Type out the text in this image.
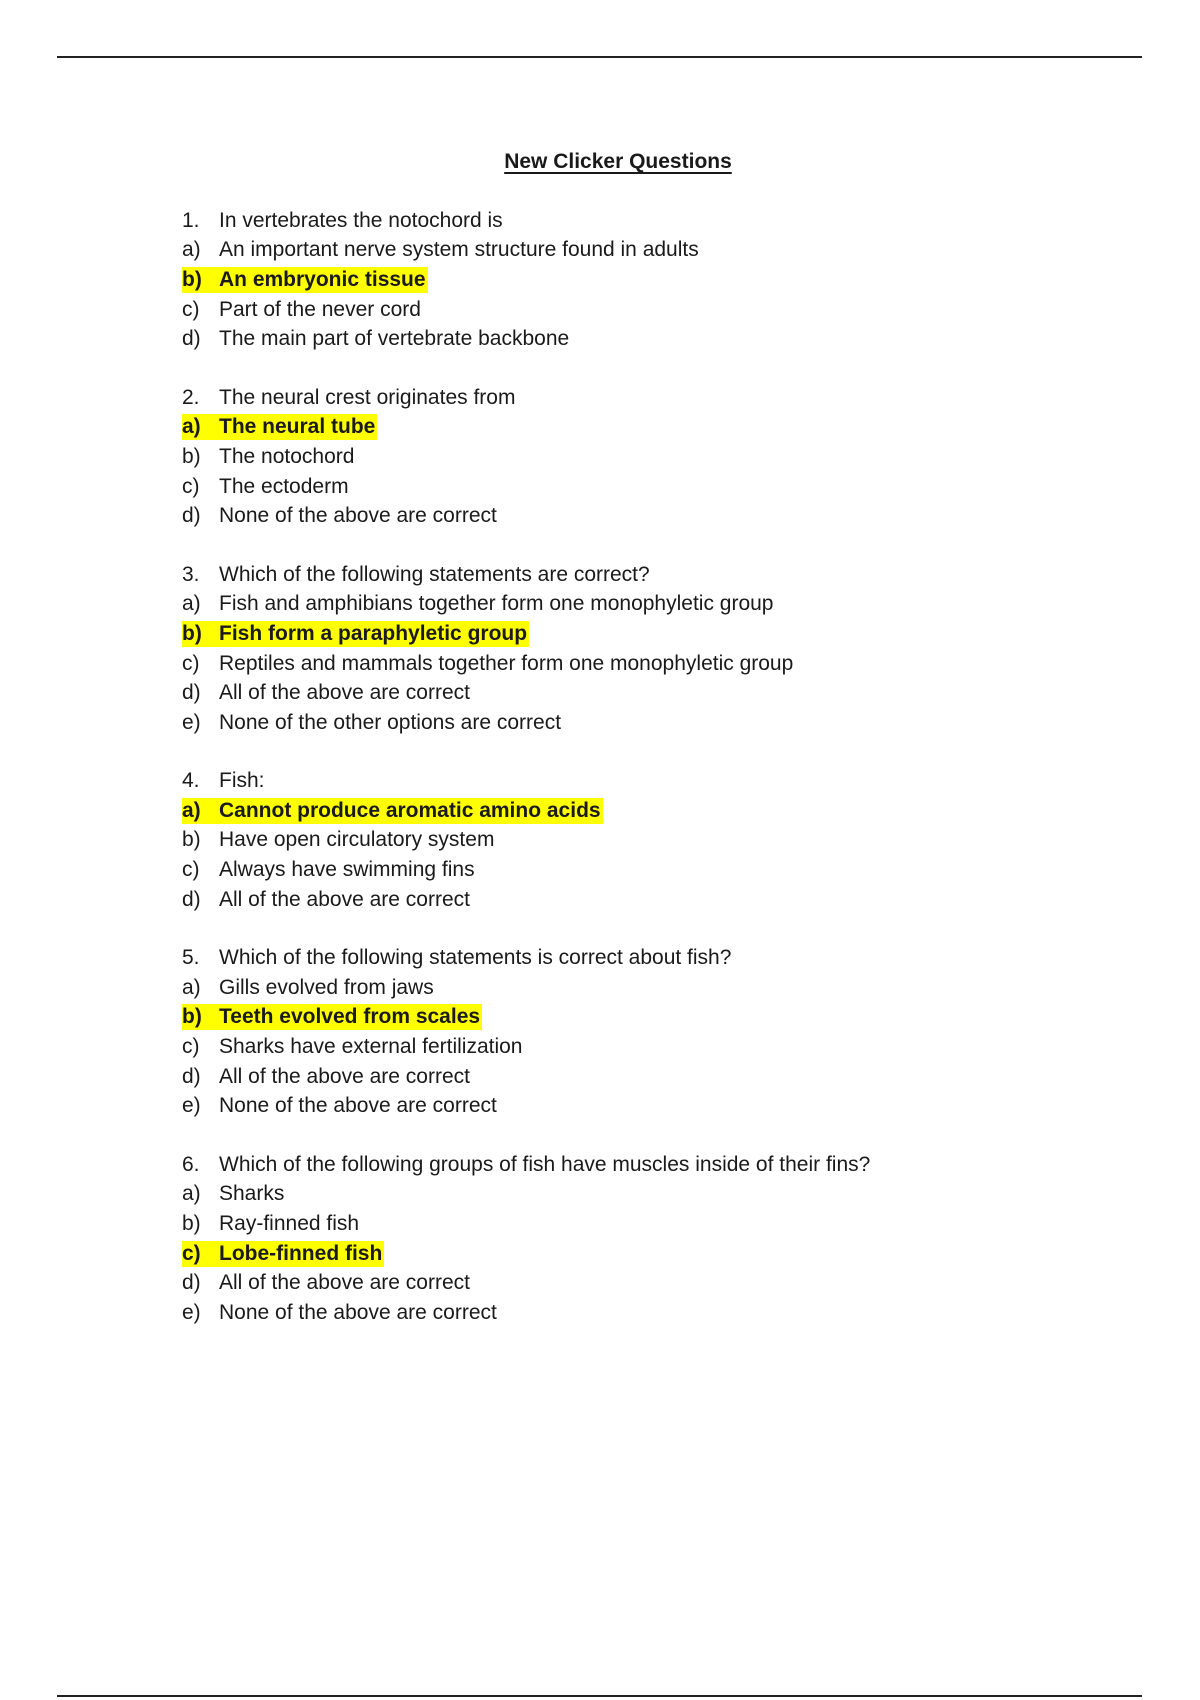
New Clicker Questions
1. In vertebrates the notochord is
a) An important nerve system structure found in adults
b) An embryonic tissue
c) Part of the never cord
d) The main part of vertebrate backbone
2. The neural crest originates from
a) The neural tube
b) The notochord
c) The ectoderm
d) None of the above are correct
3. Which of the following statements are correct?
a) Fish and amphibians together form one monophyletic group
b) Fish form a paraphyletic group
c) Reptiles and mammals together form one monophyletic group
d) All of the above are correct
e) None of the other options are correct
4. Fish:
a) Cannot produce aromatic amino acids
b) Have open circulatory system
c) Always have swimming fins
d) All of the above are correct
5. Which of the following statements is correct about fish?
a) Gills evolved from jaws
b) Teeth evolved from scales
c) Sharks have external fertilization
d) All of the above are correct
e) None of the above are correct
6. Which of the following groups of fish have muscles inside of their fins?
a) Sharks
b) Ray-finned fish
c) Lobe-finned fish
d) All of the above are correct
e) None of the above are correct
